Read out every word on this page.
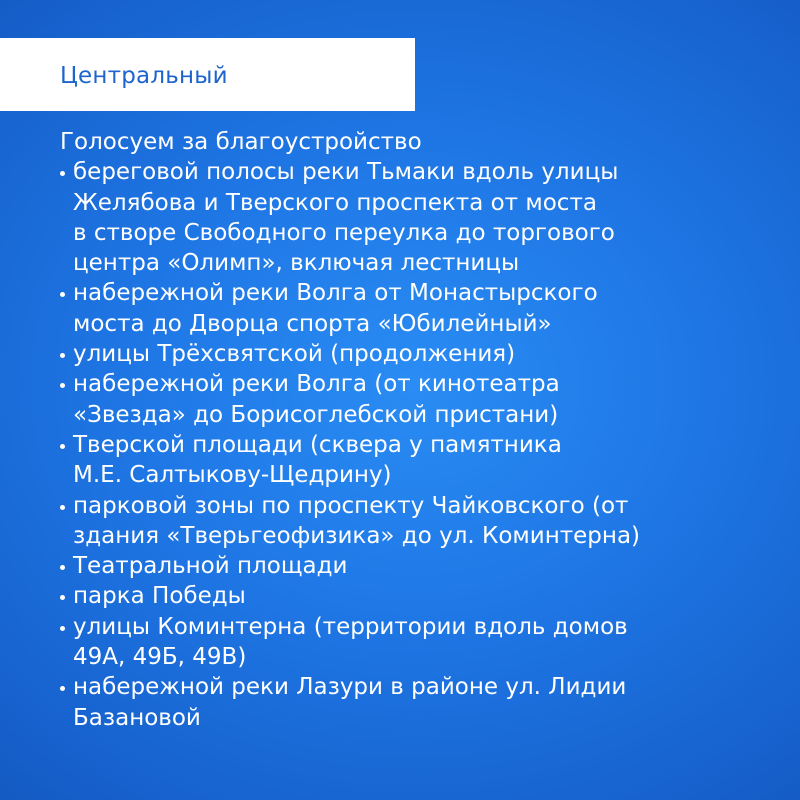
Центральный

Голосуем за благоустройство

береговой полосы реки Тьмаки вдоль улицы
Желябова и Тверского проспекта от моста
в створе Свободного переулка до торгового
центра «Олимп», включая лестницы
набережной реки Волга от Монастырского
моста до Дворца спорта «Юбилейный»
улицы Трёхсвятской (продолжения)
набережной реки Волга (от кинотеатра
«Звезда» до Борисоглебской пристани)
Тверской площади (сквера у памятника
М.Е. Салтыкову-Щедрину)
парковой зоны по проспекту Чайковского (от
здания «Тверьгеофизика» до ул. Коминтерна)
Театральной площади
парка Победы
улицы Коминтерна (территории вдоль домов
49А, 49Б, 49В)
набережной реки Лазури в районе ул. Лидии
Базановой
